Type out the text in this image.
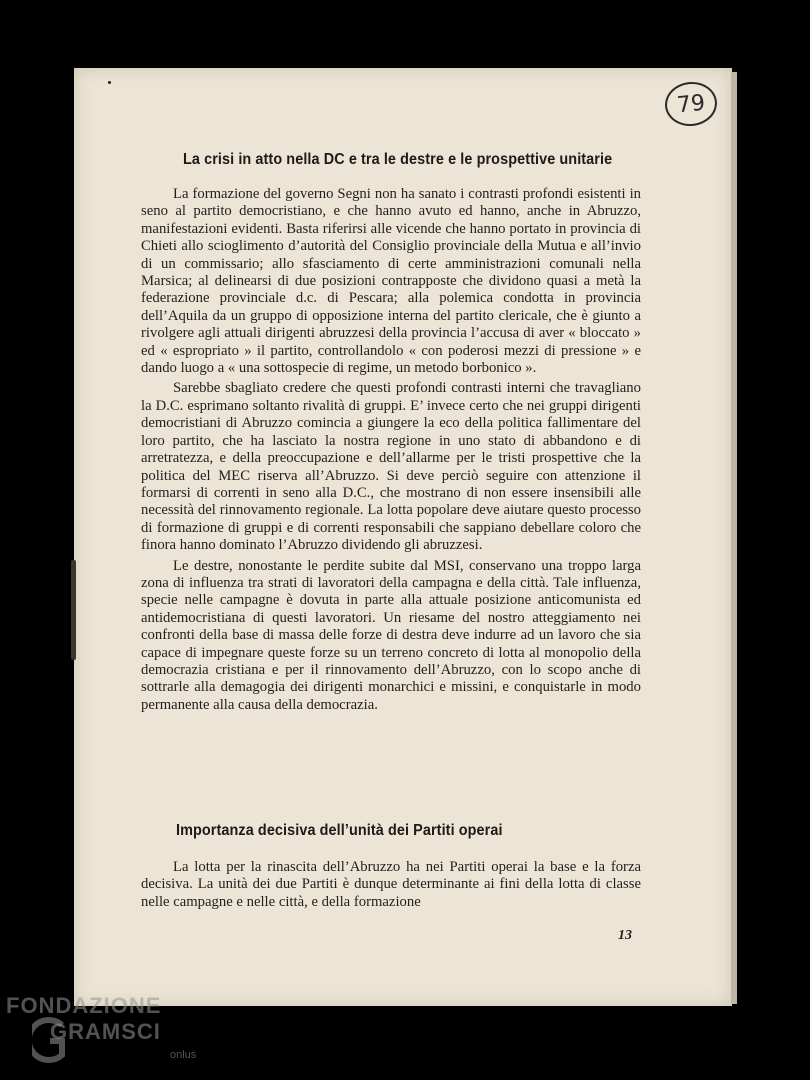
79
La crisi in atto nella DC e tra le destre e le prospettive unitarie

La formazione del governo Segni non ha sanato i contrasti profondi esistenti in seno al partito democristiano, e che hanno avuto ed hanno, anche in Abruzzo, manifestazioni evidenti. Basta riferirsi alle vicende che hanno portato in provincia di Chieti allo scioglimento d’autorità del Consiglio provinciale della Mutua e all’invio di un commissario; allo sfasciamento di certe amministrazioni comunali nella Marsica; al delinearsi di due posizioni contrapposte che dividono quasi a metà la federazione provinciale d.c. di Pescara; alla polemica condotta in provincia dell’Aquila da un gruppo di opposizione interna del partito clericale, che è giunto a rivolgere agli attuali dirigenti abruzzesi della provincia l’accusa di aver « bloccato » ed « espropriato » il partito, controllandolo « con poderosi mezzi di pressione » e dando luogo a « una sottospecie di regime, un metodo borbonico ».

Sarebbe sbagliato credere che questi profondi contrasti interni che travagliano la D.C. esprimano soltanto rivalità di gruppi. E’ invece certo che nei gruppi dirigenti democristiani di Abruzzo comincia a giungere la eco della politica fallimentare del loro partito, che ha lasciato la nostra regione in uno stato di abbandono e di arretratezza, e della preoccupazione e dell’allarme per le tristi prospettive che la politica del MEC riserva all’Abruzzo. Si deve perciò seguire con attenzione il formarsi di correnti in seno alla D.C., che mostrano di non essere insensibili alle necessità del rinnovamento regionale. La lotta popolare deve aiutare questo processo di formazione di gruppi e di correnti responsabili che sappiano debellare coloro che finora hanno dominato l’Abruzzo dividendo gli abruzzesi.

Le destre, nonostante le perdite subite dal MSI, conservano una troppo larga zona di influenza tra strati di lavoratori della campagna e della città. Tale influenza, specie nelle campagne è dovuta in parte alla attuale posizione anticomunista ed antidemocristiana di questi lavoratori. Un riesame del nostro atteggiamento nei confronti della base di massa delle forze di destra deve indurre ad un lavoro che sia capace di impegnare queste forze su un terreno concreto di lotta al monopolio della democrazia cristiana e per il rinnovamento dell’Abruzzo, con lo scopo anche di sottrarle alla demagogia dei dirigenti monarchici e missini, e conquistarle in modo permanente alla causa della democrazia.

Importanza decisiva dell’unità dei Partiti operai

La lotta per la rinascita dell’Abruzzo ha nei Partiti operai la base e la forza decisiva. La unità dei due Partiti è dunque determinante ai fini della lotta di classe nelle campagne e nelle città, e della formazione

13
FONDAZIONE
GRAMSCI
onlus
